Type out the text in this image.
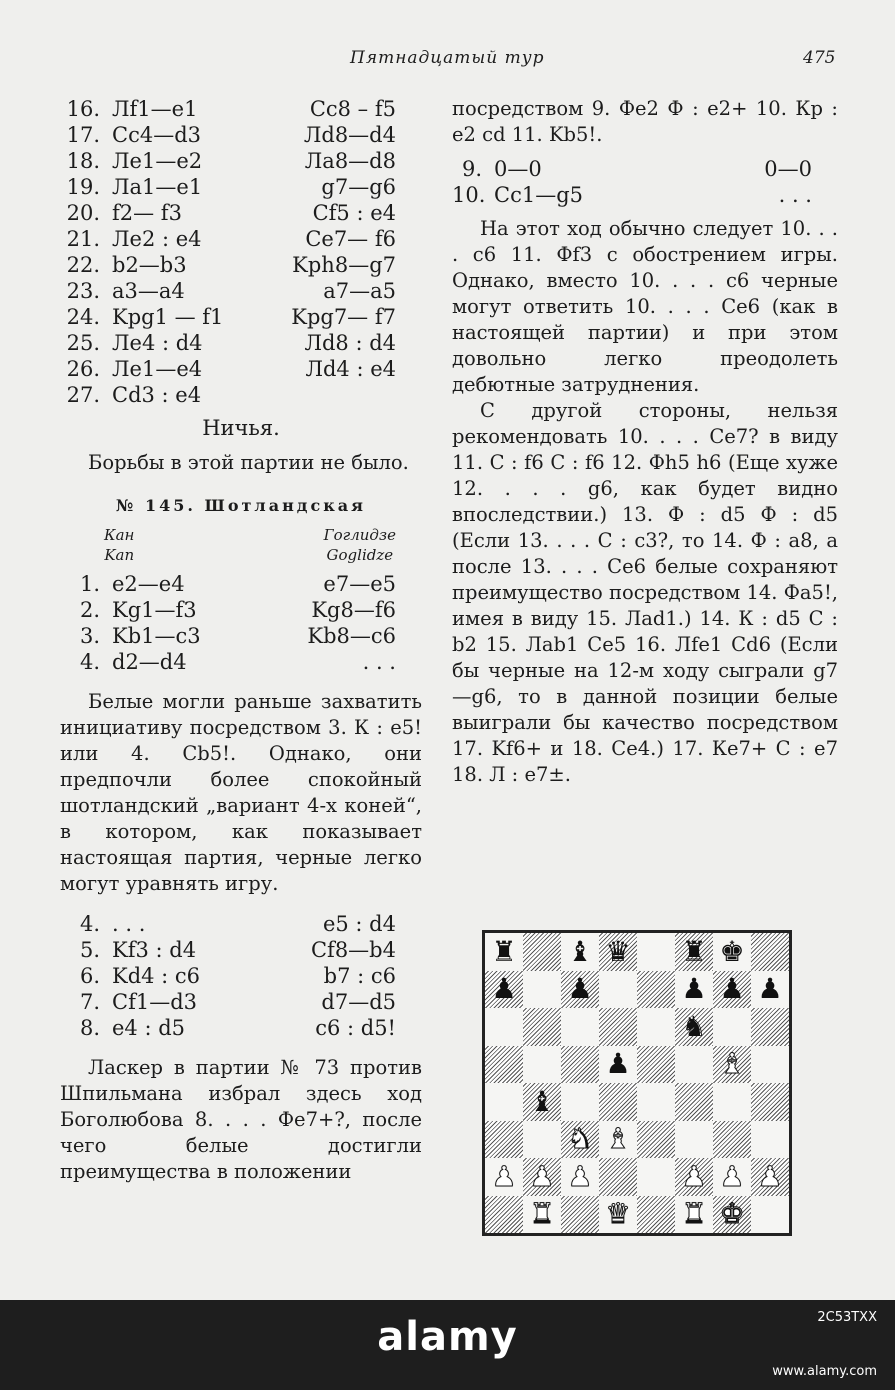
Пятнадцатый тур	475
16. Лf1—e1	Сс8 – f5
17. Сс4—d3	Лd8—d4
18. Лe1—e2	Лa8—d8
19. Лa1—e1	g7—g6
20. f2— f3	Cf5 : e4
21. Лe2 : e4	Ce7— f6
22. b2—b3	Kph8—g7
23. a3—a4	a7—a5
24. Kpg1 — f1	Kpg7— f7
25. Лe4 : d4	Лd8 : d4
26. Лe1—e4	Лd4 : e4
27. Cd3 : e4
Ничья.

Борьбы в этой партии не было.

№ 145. Шотландская
Кан
Kan
Гоглидзе
Goglidze
1. e2—e4	e7—e5
2. Kg1—f3	Kg8—f6
3. Kb1—c3	Kb8—c6
4. d2—d4	. . .

Белые могли раньше захватить инициативу посредством 3. К : e5! или 4. Cb5!. Однако, они предпочли более спокойный шотландский „вариант 4-х коней“, в котором, как показывает настоящая партия, черные легко могут уравнять игру.

4. . . .	e5 : d4
5. Kf3 : d4	Cf8—b4
6. Kd4 : c6	b7 : c6
7. Cf1—d3	d7—d5
8. e4 : d5	c6 : d5!

Ласкер в партии № 73 против Шпильмана избрал здесь ход Боголюбова 8. . . . Фe7+?, после чего белые достигли преимущества в положении

посредством 9. Фe2 Ф : e2+ 10. Кр : e2 cd 11. Kb5!.

9. 0—0	0—0
10. Cc1—g5	. . .

На этот ход обычно следует 10. . . . с6 11. Фf3 с обострением игры. Однако, вместо 10. . . . c6 черные могут ответить 10. . . . Сe6 (как в настоящей партии) и при этом довольно легко преодолеть дебютные затруднения.

С другой стороны, нельзя рекомендовать 10. . . . Ce7? в виду 11. С : f6 С : f6 12. Фh5 h6 (Еще хуже 12. . . . g6, как будет видно впоследствии.) 13. Ф : d5 Ф : d5 (Если 13. . . . С : c3?, то 14. Ф : a8, а после 13. . . . Сe6 белые сохраняют преимущество посредством 14. Фa5!, имея в виду 15. Лad1.) 14. К : d5 С : b2 15. Лab1 Сe5 16. Лfe1 Cd6 (Если бы черные на 12-м ходу сыграли g7—g6, то в данной позиции белые выиграли бы качество посредством 17. Kf6+ и 18. Сe4.) 17. Кe7+ С : e7 18. Л : e7±.

♜ ♝ ♛ ♜ ♚
♟ ♟	♟ ♟ ♟
♞
♟	♝
♝
♞ ♝
♟ ♟ ♟	♟ ♟ ♟
♜ ♛ ♜ ♚
alamy	2C53TXX
www.alamy.com
